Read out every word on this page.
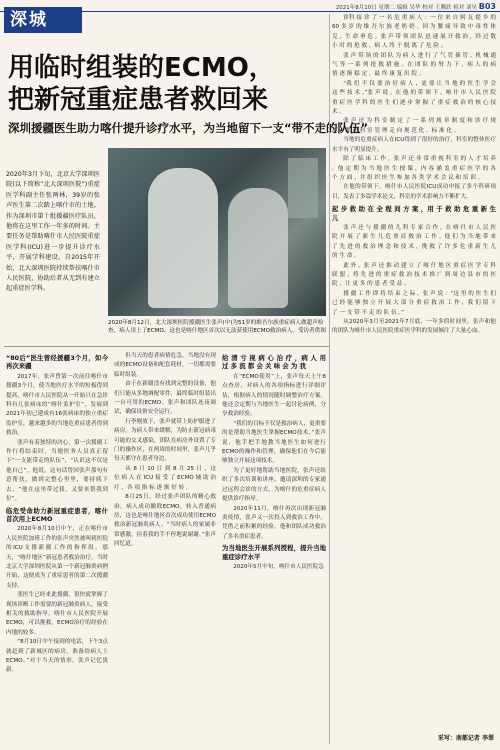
深城
2021年8月10日 星期二 编辑 吴华 校对 王腾跃 检对 刘昊 B03
用临时组装的ECMO，
把新冠重症患者救回来
深圳援疆医生助力喀什提升诊疗水平，为当地留下一支“带不走的队伍”
2020年3月下旬，北京大学深圳医院(以下简称“北大深圳医院”)重症医学科副主任张两林，39岁的张声医生第二次踏上喀什市的土地。作为深圳市第十批援疆医疗队员，他将在这里工作一年多的时间。主要任务是帮助喀什市人民医院重症医学科(ICU)进一步提升诊疗水平，开展学科建设，自2015年开始，北大深圳医院持续帮扶喀什市人民医院，协助后者从无到有建立起重症医学科。
2020年8月12日，北大深圳医院援疆医生张声(中)为51岁的维吾尔族重症病人做超声检查，病人用上了ECMO，这也是喀什地区首次以无法获使用ECMO救治病人。受访者供图
“80后”医生曾经援疆3个月，如今再次来疆

2017年，张声曾第一次前往喀什市援疆3个月，使当地医疗水平的短板得到提高，喀什市人民医院从一开始只在急诊科有几张病床的“喀什监护室”，发展到2021年初已建成有16张病床的独立重症监护室，越来越多的当地危重症患者得到救治。

张声有着独特的决心，第一次援疆工作行将结束时，当地医务人员真正留下“一支能带走的队伍”，“认识这不仅是他自己”。他说，这句话曾因张声那句有意帮扶，做到完整心里里，要持续下去，“他在这里带过我，又要来帮我到位”。

临危受命助力新冠重症患者，喀什首次用上ECMO

2020年8月10日中午，正在喀什市人民医院加班工作的张声突然被叫到医院的ICU支援新疆工作的指挥组。那天，“喀什地区”新冠患者救治治疗。当时北京大学深圳医院从第一个新冠肺炎病例开始，这便成为了重症患者的第二次援疆支持。

张医生已经来此援疆，很快就掌握了现场诊断工作需要的新冠肺炎病人，接受相关的救助指导。喀什市人民医院开展ECMO，可以挽救，ECMO治疗的经验在内地的较多。

“8月10日中午接到的电话，下午3点就赶到了新城区的病房。准备给病人上ECMO。”对于当天的情形，张声记忆犹新。

但当天的患者病情危急，当地没有现成的ECMO设备和配套耗材，一切都需要临时组装。

由于在新疆没有找到完整的设备，他们只能从多地调配零件，最终临时组装出一台可用的ECMO。张声和团队连夜调试，确保设备安全运行。

行李刚放下，张声就带上防护服进了病房。为病人带来缓解，为防止新冠病毒可能的交叉感染，团队在病房外设置了专门的操作区，在两周的时间里，张声几乎每天都守在患者身边。

从 8 月 10 日 到 8 月 25 日 ，这 位 病 人 在 ICU 接 受 了 ECMO 辅 助 治 疗 ，各 项 指 标 逐 渐 好 转 。

8月25日，经过张声团队的精心救治，病人成功撤除ECMO，转入普通病房，这也是喀什地区首次成功使用ECMO救治新冠肺炎病人。“当时病人的家属非常感激，拉着我的手不停地说谢谢。”张声回忆道。

给 清 亏 视 病 心 治 疗 ，病 人 用 过 多 流 都 会 关 味 会 为 我

在“ECMO使用”上，张声每天上午8点查房，对病人的各项指标进行详细评估，根据病人的情况随时调整治疗方案。他还会定期与当地医生一起讨论病例，分享救治经验。

“我们的目标不仅是救治病人，更重要的是帮助当地医生掌握ECMO技术。”张声说，他手把手地教当地医生如何进行ECMO的操作和管理，确保他们在今后能够独立开展这项技术。

为了更好地帮助当地医院，张声还组织了多次培训和讲座，邀请深圳的专家通过远程会诊的方式，为喀什的危重症病人提供诊疗指导。

2020年11月，喀什再次出现新冠肺炎疫情，张声又一次投入到救治工作中。凭借之前积累的经验，他和团队成功救治了多名重症患者。

为当地医生开展系列授程，提升当地重症诊疗水平

2020年5月中旬，喀什市人民医院急

诊科 接 诊 了 一 名 危 重 病 人 ：一 位 来 自 阿 瓦 提 乡 的 60 多 岁 的 维 吾 尔 族 老 奶 奶 。因 为 腰 痛 导 致 中 毒 性 休 克 ，生 命 垂 危 。张 声 带 领 团 队 迅 速 展 开 救 治 ，经 过 数 小 时 的 抢 救 ，病 人 终 于 脱 离 了 危 险 。

张 声 带 领 的 团 队 为 病 人 进 行 了 气 管 插 管 、机 械 通 气 等 一 系 列 抢 救 措 施 。在 团 队 的 努 力 下 ，病 人 的 病 情 逐 渐 稳 定 ，最 终 康 复 出 院 。

“我 们 不 仅 要 治 好 病 人 ，更 要 让 当 地 的 医 生 学 会 这 些 技 术 。”张 声 说 。在 他 的 带 领 下 ，喀 什 市 人 民 医 院 重 症 医 学 科 的 医 生 们 逐 步 掌 握 了 重 症 救 治 的 核 心 技 术 。

张 声 还 为 科 室 制 定 了 一 系 列 规 章 制 度 和 诊 疗 规 范 ，推 动 科 室 管 理 走 向 规 范 化 、标 准 化 。

当地的危重症病人在ICU得到了很好的治疗，科室的整体医疗水平有了明显提升。

除 了 临 床 工 作 ，张 声 还 非 常 重 视 科 室 的 人 才 培 养 。他 定 期 为 当 地 医 生 授 课 ，内 容 涵 盖 重 症 医 学 的 各 个 方 面 ，并 组 织 医 生 参 加 各 类 学 术 会 议 和 培 训 。

在他的带领下，喀什市人民医院ICU成功申报了多个科研项目，发表了多篇学术论文，科室的学术影响力不断扩大。

起 步 救 助 在 全 程 间 方 案 ，用 于 救 助 危 重 新 生 儿

张 声 还 与 援 疆 的 儿 科 专 家 合 作 ，在 喀 什 市 人 民 医 院 开 展 了 新 生 儿 危 重 症 救 治 工 作 。他 们 为 当 地 带 来 了 先 进 的 救 治 理 念 和 技 术 ，挽 救 了 许 多 危 重 新 生 儿 的 生 命 。

此 外 ，张 声 还 推 动 建 立 了 喀 什 地 区 重 症 医 学 专 科 联 盟 ，将 先 进 的 重 症 救 治 技 术 推 广 到 周 边 县 市 的 医 院 ，让 更 多 的 患 者 受 益 。

援 疆 工 作 即 将 结 束 之 际 ，张 声 说 ：“这 里 的 医 生 们 已 经 能 够 独 立 开 展 大 部 分 重 症 救 治 工 作 ，我 们 留 下 了 一 支 带 不 走 的 队 伍 。”

从2020年3月至2021年7月底，一年多的时间里，张声和他的团队为喀什市人民医院重症医学科的发展倾注了大量心血。

采写：南都记者 李翠
